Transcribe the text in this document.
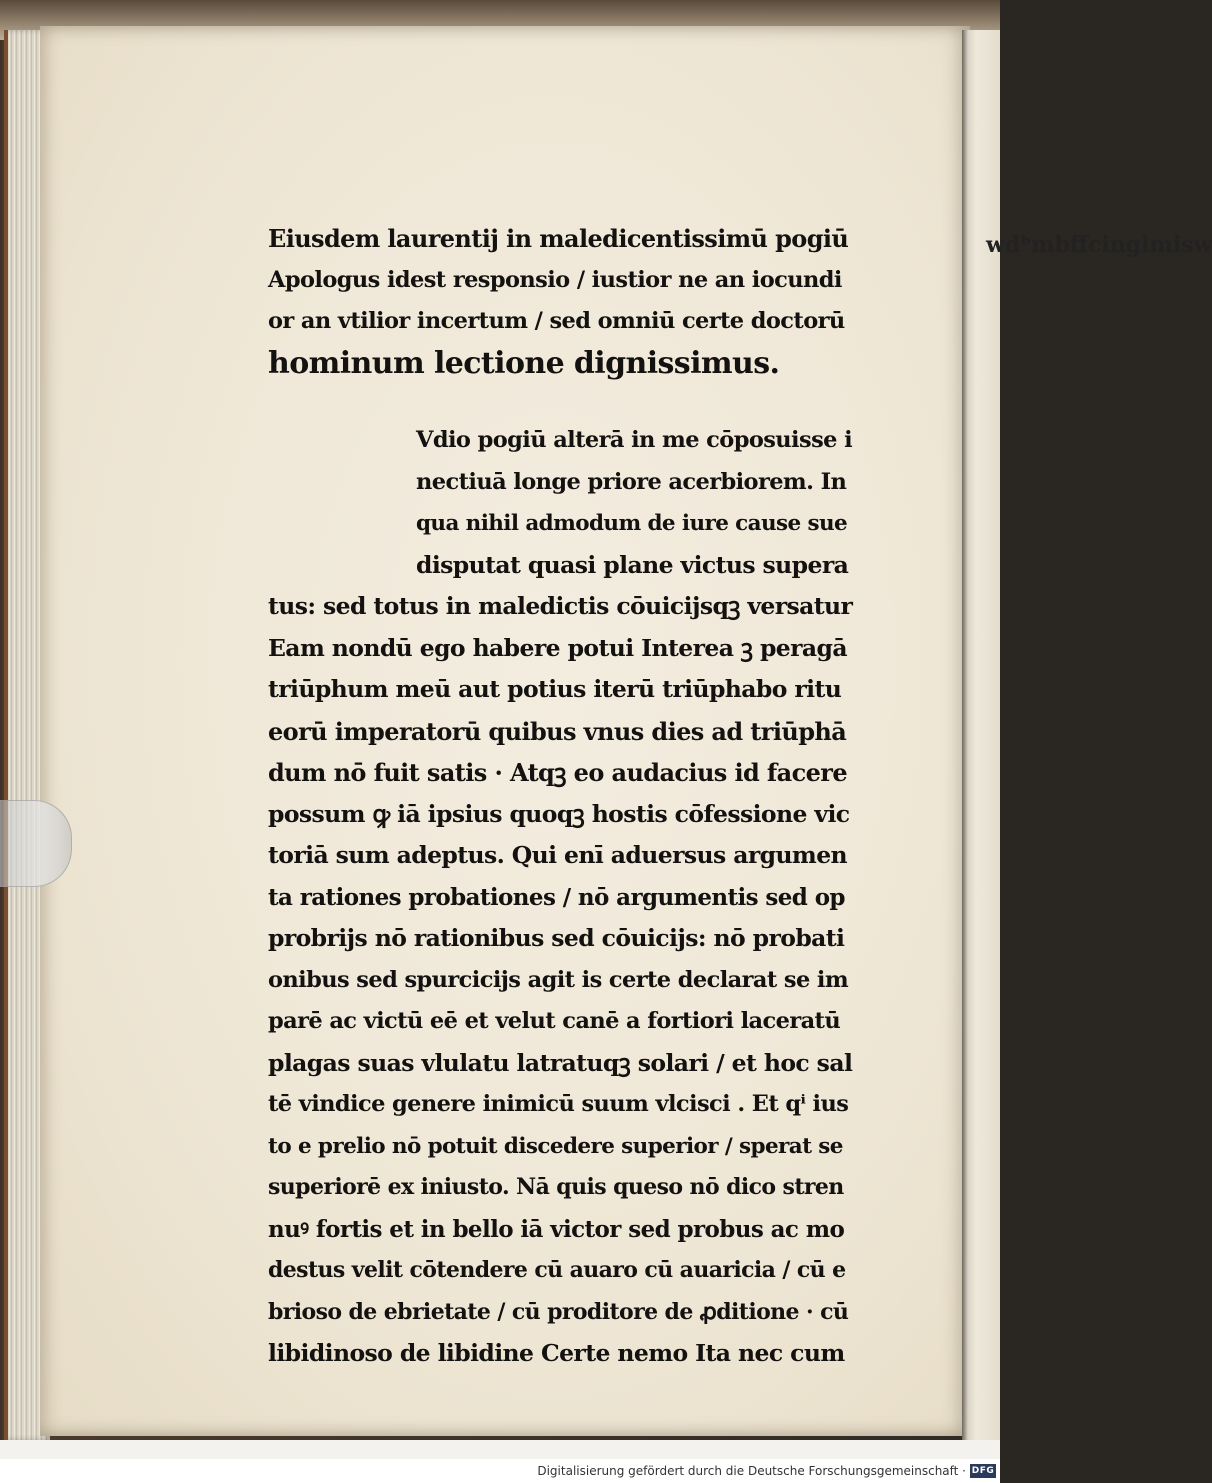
wdᵇmbffcinglmisw
Eiusdem laurentij in maledicentissimū pogiū
Apologus idest responsio / iustior ne an iocundi
or an vtilior incertum / sed omniū certe doctorū
hominum lectione dignissimus.
Vdio pogiū alterā in me cōposuisse i
nectiuā longe priore acerbiorem. In
qua nihil admodum de iure cause sue
disputat quasi plane victus supera
tus: sed totus in maledictis cōuicijsqꝫ versatur
Eam nondū ego habere potui Interea ꝫ peragā
triūphum meū aut potius iterū triūphabo ritu
eorū imperatorū quibus vnus dies ad triūphā
dum nō fuit satis · Atqꝫ eo audacius id facere
possum ꝙ iā ipsius quoqꝫ hostis cōfessione vic
toriā sum adeptus. Qui enī aduersus argumen
ta rationes probationes / nō argumentis sed op
probrijs nō rationibus sed cōuicijs: nō probati
onibus sed spurcicijs agit is certe declarat se im
parē ac victū eē et velut canē a fortiori laceratū
plagas suas vlulatu latratuqꝫ solari / et hoc sal
tē vindice genere inimicū suum vlcisci . Et qⁱ ius
to e prelio nō potuit discedere superior / sperat se
superiorē ex iniusto. Nā quis queso nō dico stren
nuꝰ fortis et in bello iā victor sed probus ac mo
destus velit cōtendere cū auaro cū auaricia / cū e
brioso de ebrietate / cū proditore de ꝓditione · cū
libidinoso de libidine Certe nemo Ita nec cum
Digitalisierung gefördert durch die Deutsche Forschungsgemeinschaft · DFG
